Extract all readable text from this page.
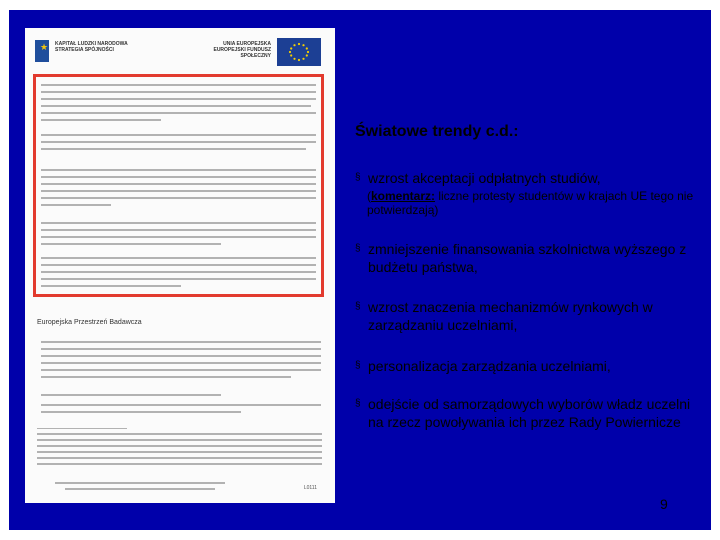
★ KAPITAŁ LUDZKI NARODOWA STRATEGIA SPÓJNOŚCI
UNIA EUROPEJSKA EUROPEJSKI FUNDUSZ SPOŁECZNY
Europejska Przestrzeń Badawcza
L0111
Światowe trendy c.d.:
§ wzrost akceptacji odpłatnych studiów,
(komentarz: liczne protesty studentów w krajach UE tego nie potwierdzają)
§ zmniejszenie finansowania szkolnictwa wyższego z budżetu państwa,
§ wzrost znaczenia mechanizmów rynkowych w zarządzaniu uczelniami,
§ personalizacja zarządzania uczelniami,
§ odejście od samorządowych wyborów władz uczelni na rzecz powoływania ich przez Rady Powiernicze
9
